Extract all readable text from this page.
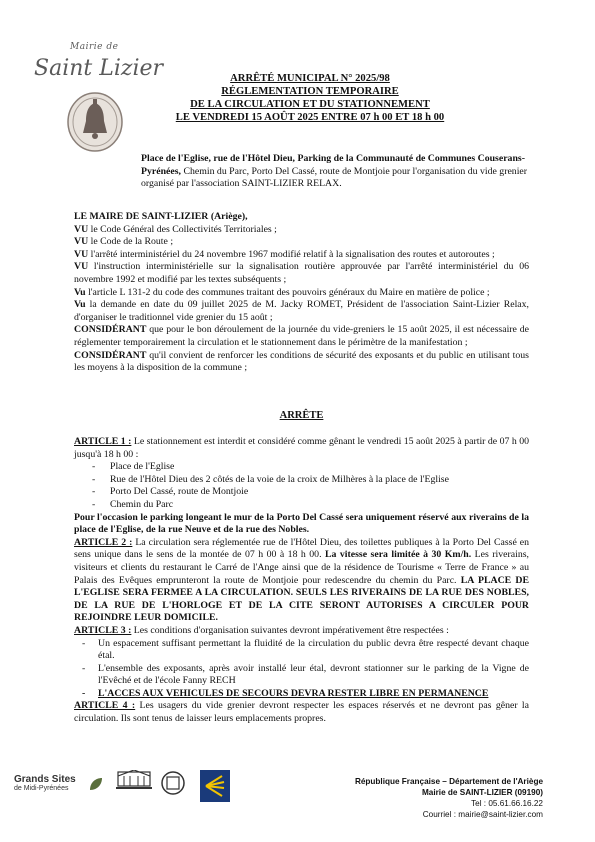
Mairie de
Saint Lizier	ARRÊTÉ MUNICIPAL N° 2025/98
RÉGLEMENTATION TEMPORAIRE
DE LA CIRCULATION ET DU STATIONNEMENT
LE VENDREDI 15 AOÛT 2025 ENTRE 07 h 00 ET 18 h 00
Place de l'Eglise, rue de l'Hôtel Dieu, Parking de la Communauté de Communes Couserans-Pyrénées, Chemin du Parc, Porto Del Cassé, route de Montjoie pour l'organisation du vide grenier organisé par l'association SAINT-LIZIER RELAX.
LE MAIRE DE SAINT-LIZIER (Ariège),
VU le Code Général des Collectivités Territoriales ;
VU le Code de la Route ;
VU l'arrêté interministériel du 24 novembre 1967 modifié relatif à la signalisation des routes et autoroutes ;
VU l'instruction interministérielle sur la signalisation routière approuvée par l'arrêté interministériel du 06 novembre 1992 et modifié par les textes subséquents ;
Vu l'article L 131-2 du code des communes traitant des pouvoirs généraux du Maire en matière de police ;
Vu la demande en date du 09 juillet 2025 de M. Jacky ROMET, Président de l'association Saint-Lizier Relax, d'organiser le traditionnel vide grenier du 15 août ;
CONSIDÉRANT que pour le bon déroulement de la journée du vide-greniers le 15 août 2025, il est nécessaire de réglementer temporairement la circulation et le stationnement dans le périmètre de la manifestation ;
CONSIDÉRANT qu'il convient de renforcer les conditions de sécurité des exposants et du public en utilisant tous les moyens à la disposition de la commune ;
ARRÊTE
ARTICLE 1 : Le stationnement est interdit et considéré comme gênant le vendredi 15 août 2025 à partir de 07 h 00 jusqu'à 18 h 00 :
- Place de l'Eglise
- Rue de l'Hôtel Dieu des 2 côtés de la voie de la croix de Milhères à la place de l'Eglise
- Porto Del Cassé, route de Montjoie
- Chemin du Parc
Pour l'occasion le parking longeant le mur de la Porto Del Cassé sera uniquement réservé aux riverains de la place de l'Eglise, de la rue Neuve et de la rue des Nobles.
ARTICLE 2 : La circulation sera réglementée rue de l'Hôtel Dieu, des toilettes publiques à la Porto Del Cassé en sens unique dans le sens de la montée de 07 h 00 à 18 h 00. La vitesse sera limitée à 30 Km/h. Les riverains, visiteurs et clients du restaurant le Carré de l'Ange ainsi que de la résidence de Tourisme « Terre de France » au Palais des Evêques emprunteront la route de Montjoie pour redescendre du chemin du Parc. LA PLACE DE L'EGLISE SERA FERMEE A LA CIRCULATION. SEULS LES RIVERAINS DE LA RUE DES NOBLES, DE LA RUE DE L'HORLOGE ET DE LA CITE SERONT AUTORISES A CIRCULER POUR REJOINDRE LEUR DOMICILE.
ARTICLE 3 : Les conditions d'organisation suivantes devront impérativement être respectées :
- Un espacement suffisant permettant la fluidité de la circulation du public devra être respecté devant chaque étal.
- L'ensemble des exposants, après avoir installé leur étal, devront stationner sur le parking de la Vigne de l'Evêché et de l'école Fanny RECH
- L'ACCES AUX VEHICULES DE SECOURS DEVRA RESTER LIBRE EN PERMANENCE
ARTICLE 4 : Les usagers du vide grenier devront respecter les espaces réservés et ne devront pas gêner la circulation. Ils sont tenus de laisser leurs emplacements propres.
Grands Sites
de Midi-Pyrénées
République Française – Département de l'Ariège
Mairie de SAINT-LIZIER (09190)
Tel : 05.61.66.16.22
Courriel : mairie@saint-lizier.com
